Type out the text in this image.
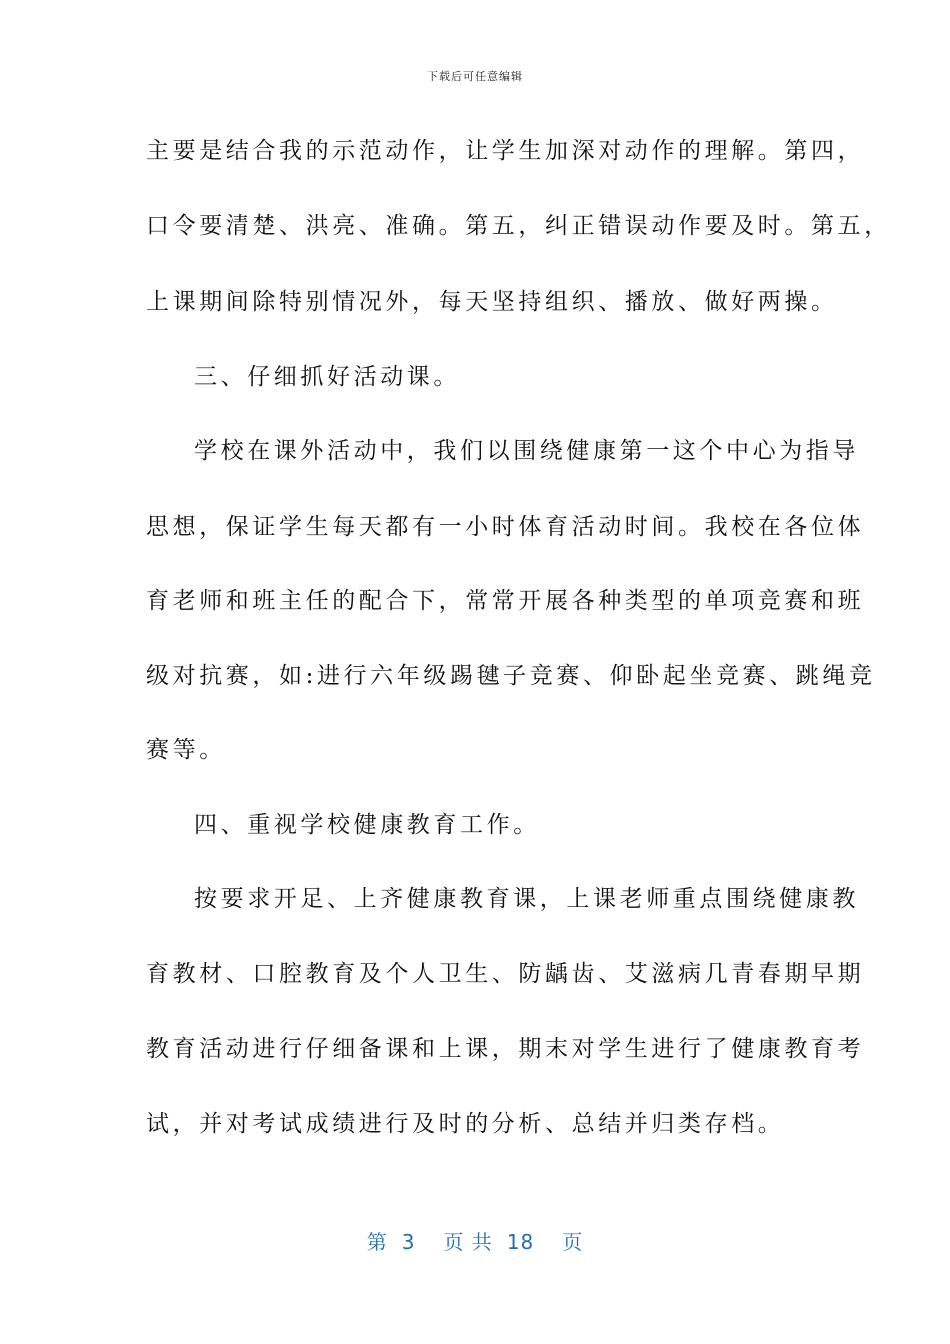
下载后可任意编辑
主要是结合我的示范动作，让学生加深对动作的理解。第四，
口令要清楚、洪亮、准确。第五，纠正错误动作要及时。第五，
上课期间除特别情况外，每天坚持组织、播放、做好两操。
三、仔细抓好活动课。
学校在课外活动中，我们以围绕健康第一这个中心为指导
思想，保证学生每天都有一小时体育活动时间。我校在各位体
育老师和班主任的配合下，常常开展各种类型的单项竞赛和班
级对抗赛，如:进行六年级踢毽子竞赛、仰卧起坐竞赛、跳绳竞
赛等。
四、重视学校健康教育工作。
按要求开足、上齐健康教育课，上课老师重点围绕健康教
育教材、口腔教育及个人卫生、防龋齿、艾滋病几青春期早期
教育活动进行仔细备课和上课，期末对学生进行了健康教育考
试，并对考试成绩进行及时的分析、总结并归类存档。
第 3 页 共 18 页
